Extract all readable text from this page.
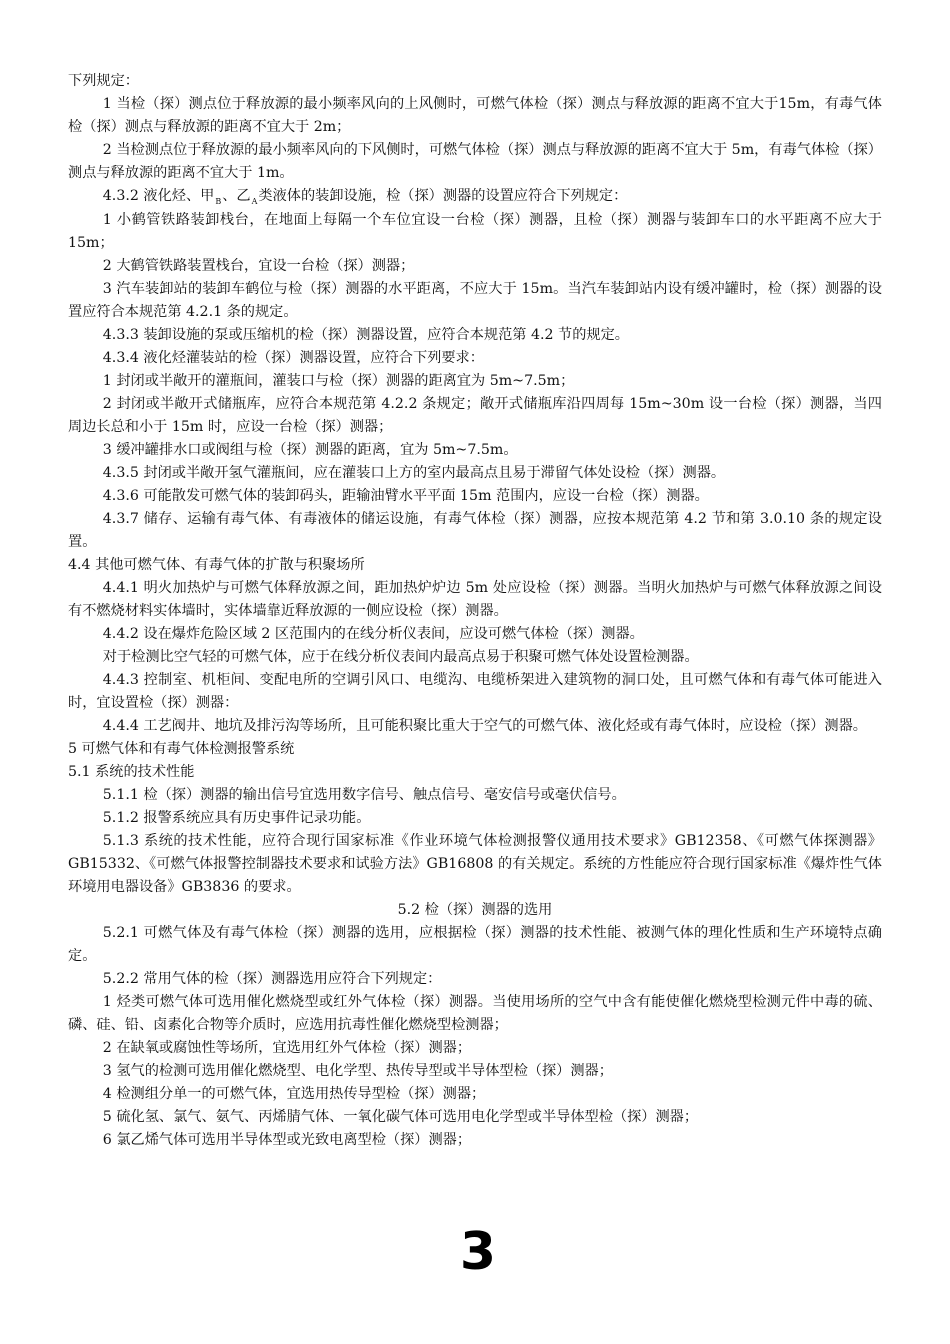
下列规定：

1 当检（探）测点位于释放源的最小频率风向的上风侧时，可燃气体检（探）测点与释放源的距离不宜大于15m，有毒气体检（探）测点与释放源的距离不宜大于 2m；

2 当检测点位于释放源的最小频率风向的下风侧时，可燃气体检（探）测点与释放源的距离不宜大于 5m，有毒气体检（探）测点与释放源的距离不宜大于 1m。

4.3.2 液化烃、甲$_B$、乙$_A$类液体的装卸设施，检（探）测器的设置应符合下列规定：

1 小鹤管铁路装卸栈台，在地面上每隔一个车位宜设一台检（探）测器，且检（探）测器与装卸车口的水平距离不应大于 15m；

2 大鹤管铁路装置栈台，宜设一台检（探）测器；

3 汽车装卸站的装卸车鹤位与检（探）测器的水平距离，不应大于 15m。当汽车装卸站内设有缓冲罐时，检（探）测器的设置应符合本规范第 4.2.1 条的规定。

4.3.3 装卸设施的泵或压缩机的检（探）测器设置，应符合本规范第 4.2 节的规定。

4.3.4 液化烃灌装站的检（探）测器设置，应符合下列要求：

1 封闭或半敞开的灌瓶间，灌装口与检（探）测器的距离宜为 5m~7.5m；

2 封闭或半敞开式储瓶库，应符合本规范第 4.2.2 条规定；敞开式储瓶库沿四周每 15m~30m 设一台检（探）测器，当四周边长总和小于 15m 时，应设一台检（探）测器；

3 缓冲罐排水口或阀组与检（探）测器的距离，宜为 5m~7.5m。

4.3.5 封闭或半敞开氢气灌瓶间，应在灌装口上方的室内最高点且易于滞留气体处设检（探）测器。

4.3.6 可能散发可燃气体的装卸码头，距输油臂水平平面 15m 范围内，应设一台检（探）测器。

4.3.7 储存、运输有毒气体、有毒液体的储运设施，有毒气体检（探）测器，应按本规范第 4.2 节和第 3.0.10 条的规定设置。

4.4 其他可燃气体、有毒气体的扩散与积聚场所

4.4.1 明火加热炉与可燃气体释放源之间，距加热炉炉边 5m 处应设检（探）测器。当明火加热炉与可燃气体释放源之间设有不燃烧材料实体墙时，实体墙靠近释放源的一侧应设检（探）测器。

4.4.2 设在爆炸危险区域 2 区范围内的在线分析仪表间，应设可燃气体检（探）测器。

对于检测比空气轻的可燃气体，应于在线分析仪表间内最高点易于积聚可燃气体处设置检测器。

4.4.3 控制室、机柜间、变配电所的空调引风口、电缆沟、电缆桥架进入建筑物的洞口处，且可燃气体和有毒气体可能进入时，宜设置检（探）测器：

4.4.4 工艺阀井、地坑及排污沟等场所，且可能积聚比重大于空气的可燃气体、液化烃或有毒气体时，应设检（探）测器。

5 可燃气体和有毒气体检测报警系统

5.1 系统的技术性能

5.1.1 检（探）测器的输出信号宜选用数字信号、触点信号、毫安信号或毫伏信号。

5.1.2 报警系统应具有历史事件记录功能。

5.1.3 系统的技术性能，应符合现行国家标准《作业环境气体检测报警仪通用技术要求》GB12358、《可燃气体探测器》GB15332、《可燃气体报警控制器技术要求和试验方法》GB16808 的有关规定。系统的方性能应符合现行国家标准《爆炸性气体环境用电器设备》GB3836 的要求。

5.2 检（探）测器的选用

5.2.1 可燃气体及有毒气体检（探）测器的选用，应根据检（探）测器的技术性能、被测气体的理化性质和生产环境特点确定。

5.2.2 常用气体的检（探）测器选用应符合下列规定：

1 烃类可燃气体可选用催化燃烧型或红外气体检（探）测器。当使用场所的空气中含有能使催化燃烧型检测元件中毒的硫、磷、硅、铅、卤素化合物等介质时，应选用抗毒性催化燃烧型检测器；

2 在缺氧或腐蚀性等场所，宜选用红外气体检（探）测器；

3 氢气的检测可选用催化燃烧型、电化学型、热传导型或半导体型检（探）测器；

4 检测组分单一的可燃气体，宜选用热传导型检（探）测器；

5 硫化氢、氯气、氨气、丙烯腈气体、一氧化碳气体可选用电化学型或半导体型检（探）测器；

6 氯乙烯气体可选用半导体型或光致电离型检（探）测器；

3
